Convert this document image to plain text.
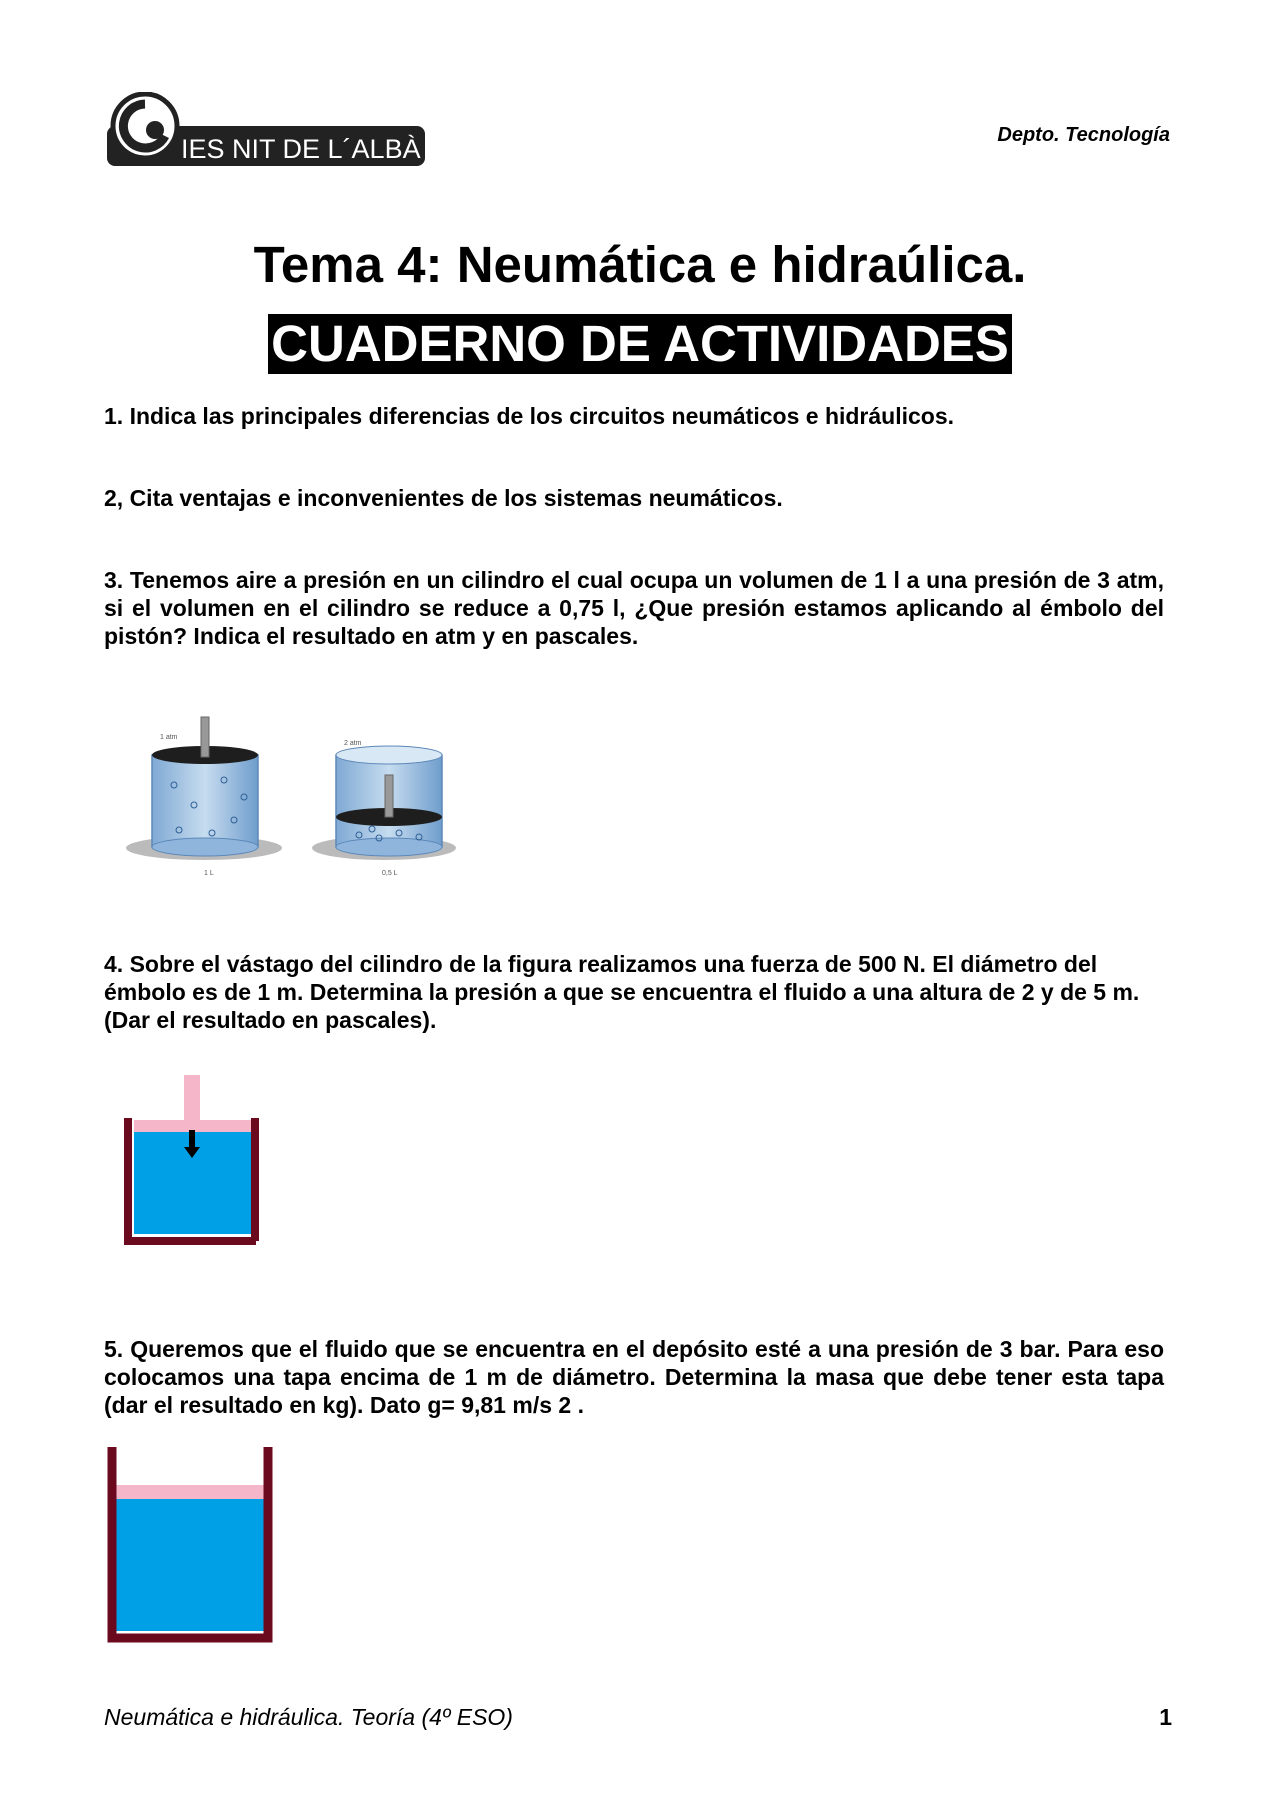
IES NIT DE L´ALBÀ	Depto. Tecnología
Tema 4: Neumática e hidraúlica.
CUADERNO DE ACTIVIDADES
1. Indica las principales diferencias de los circuitos neumáticos e hidráulicos.
2, Cita ventajas e inconvenientes de los sistemas neumáticos.
3. Tenemos aire a presión en un cilindro el cual ocupa un volumen de 1 l a una presión de 3 atm, si el volumen en el cilindro se reduce a 0,75 l, ¿Que presión estamos aplicando al émbolo del pistón? Indica el resultado en atm y en pascales.
1 atm
1 L
2 atm
0,5 L
4. Sobre el vástago del cilindro de la figura realizamos una fuerza de 500 N. El diámetro del émbolo es de 1 m. Determina la presión a que se encuentra el fluido a una altura de 2 y de 5 m. (Dar el resultado en pascales).
5. Queremos que el fluido que se encuentra en el depósito esté a una presión de 3 bar. Para eso colocamos una tapa encima de 1 m de diámetro. Determina la masa que debe tener esta tapa (dar el resultado en kg). Dato g= 9,81 m/s 2 .
Neumática e hidráulica. Teoría (4º ESO)	1
